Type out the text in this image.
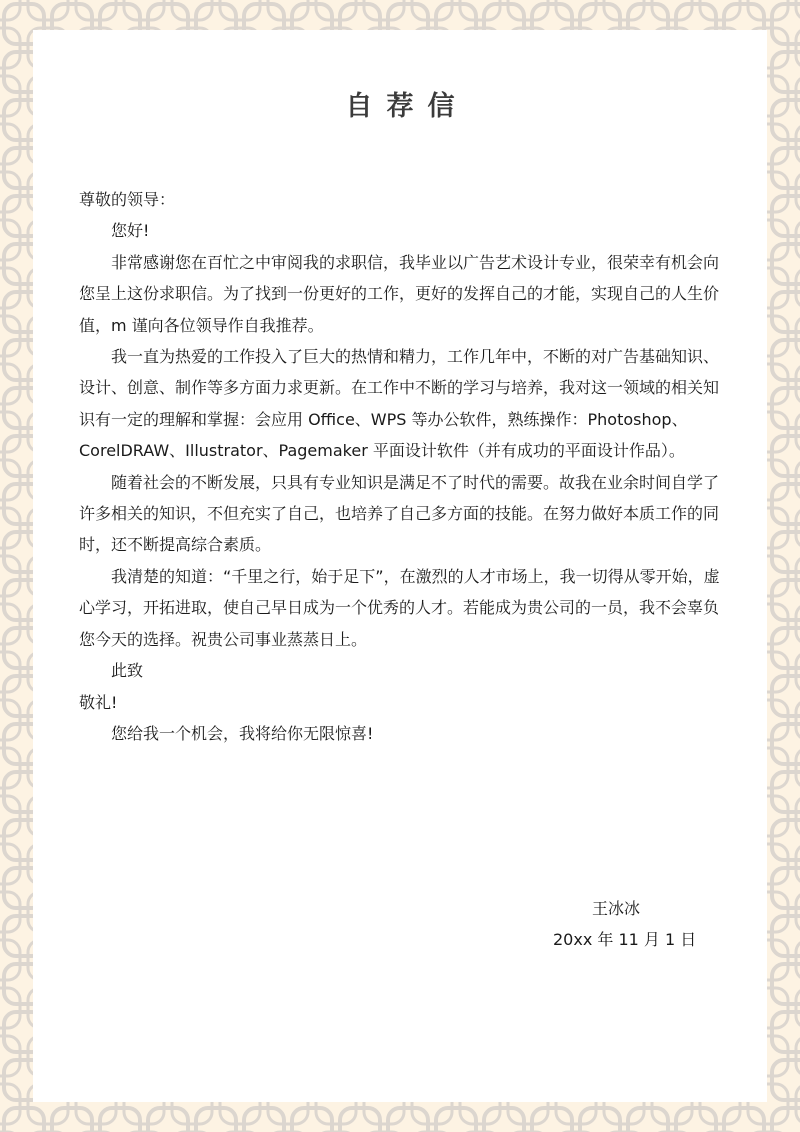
自荐信

尊敬的领导：

您好!

非常感谢您在百忙之中审阅我的求职信，我毕业以广告艺术设计专业，很荣幸有机会向您呈上这份求职信。为了找到一份更好的工作，更好的发挥自己的才能，实现自己的人生价值，m 谨向各位领导作自我推荐。

我一直为热爱的工作投入了巨大的热情和精力，工作几年中，不断的对广告基础知识、设计、创意、制作等多方面力求更新。在工作中不断的学习与培养，我对这一领域的相关知识有一定的理解和掌握：会应用 Office、WPS 等办公软件，熟练操作：Photoshop、CorelDRAW、Illustrator、Pagemaker 平面设计软件（并有成功的平面设计作品）。

随着社会的不断发展，只具有专业知识是满足不了时代的需要。故我在业余时间自学了许多相关的知识，不但充实了自己，也培养了自己多方面的技能。在努力做好本质工作的同时，还不断提高综合素质。

我清楚的知道：“千里之行，始于足下”，在激烈的人才市场上，我一切得从零开始，虚心学习，开拓进取，使自己早日成为一个优秀的人才。若能成为贵公司的一员，我不会辜负您今天的选择。祝贵公司事业蒸蒸日上。

此致

敬礼!

您给我一个机会，我将给你无限惊喜!

王冰冰
20xx 年 11 月 1 日
